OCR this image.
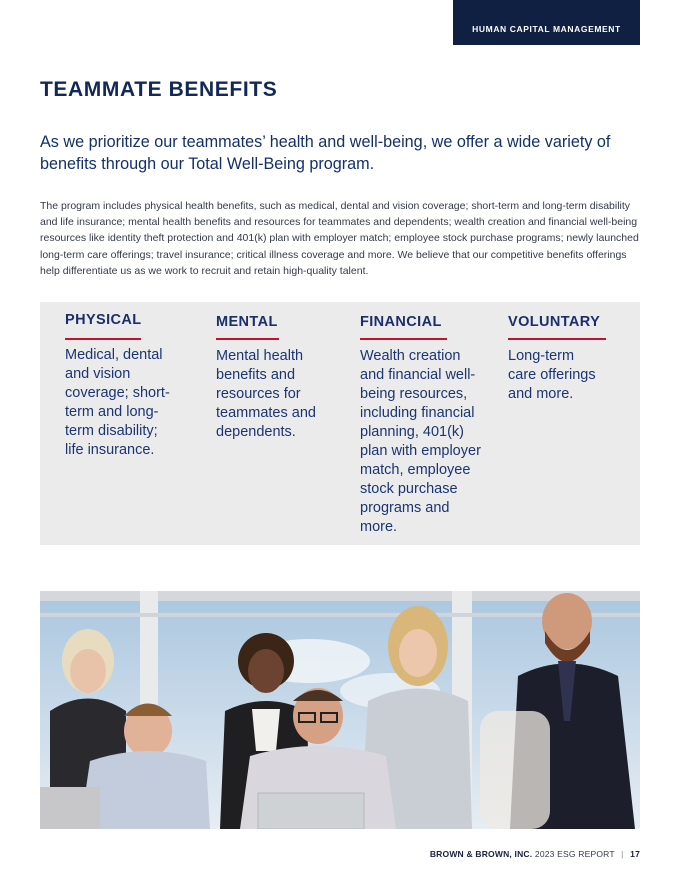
HUMAN CAPITAL MANAGEMENT
TEAMMATE BENEFITS

As we prioritize our teammates’ health and well-being, we offer a wide variety of benefits through our Total Well-Being program.

The program includes physical health benefits, such as medical, dental and vision coverage; short-term and long-term disability and life insurance; mental health benefits and resources for teammates and dependents; wealth creation and financial well-being resources like identity theft protection and 401(k) plan with employer match; employee stock purchase programs; newly launched long-term care offerings; travel insurance; critical illness coverage and more. We believe that our competitive benefits offerings help differentiate us as we work to recruit and retain high-quality talent.

PHYSICAL
Medical, dental
and vision
coverage; short-
term and long-
term disability;
life insurance.
MENTAL
Mental health
benefits and
resources for
teammates and
dependents.
FINANCIAL
Wealth creation
and financial well-
being resources,
including financial
planning, 401(k)
plan with employer
match, employee
stock purchase
programs and
more.
VOLUNTARY
Long-term
care offerings
and more.
BROWN & BROWN, INC. 2023 ESG REPORT | 17
